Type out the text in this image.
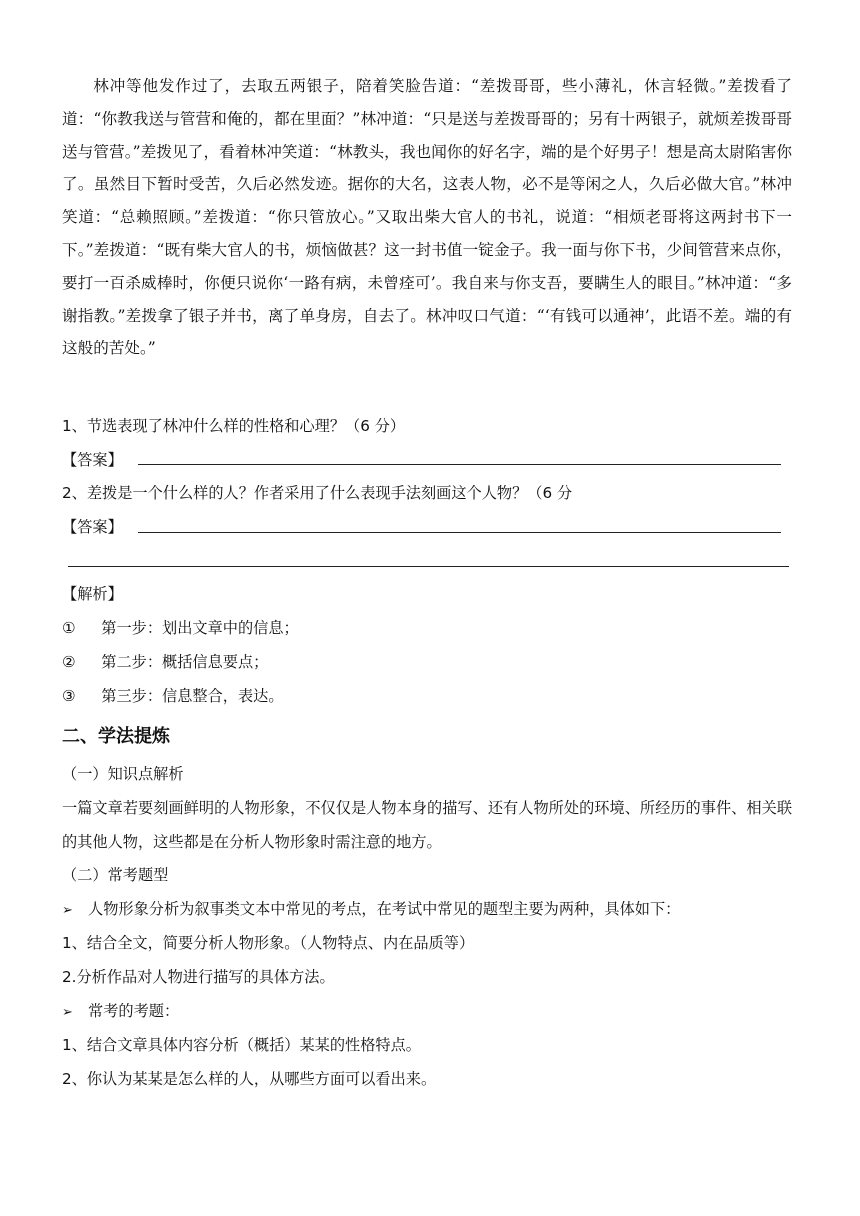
林冲等他发作过了，去取五两银子，陪着笑脸告道：“差拨哥哥，些小薄礼，休言轻微。”差拨看了道：“你教我送与管营和俺的，都在里面？”林冲道：“只是送与差拨哥哥的；另有十两银子，就烦差拨哥哥送与管营。”差拨见了，看着林冲笑道：“林教头，我也闻你的好名字，端的是个好男子！想是高太尉陷害你了。虽然目下暂时受苦，久后必然发迹。据你的大名，这表人物，必不是等闲之人，久后必做大官。”林冲笑道：“总赖照顾。”差拨道：“你只管放心。”又取出柴大官人的书礼，说道：“相烦老哥将这两封书下一下。”差拨道：“既有柴大官人的书，烦恼做甚？这一封书值一锭金子。我一面与你下书，少间管营来点你，要打一百杀威棒时，你便只说你‘一路有病，未曾痊可’。我自来与你支吾，要瞒生人的眼目。”林冲道：“多谢指教。”差拨拿了银子并书，离了单身房，自去了。林冲叹口气道：“‘有钱可以通神’，此语不差。端的有这般的苦处。”

1、节选表现了林冲什么样的性格和心理？（6 分）
【答案】
2、差拨是一个什么样的人？作者采用了什么表现手法刻画这个人物？（6 分
【答案】
【解析】
① 第一步：划出文章中的信息；
② 第二步：概括信息要点；
③ 第三步：信息整合，表达。
二、学法提炼
（一）知识点解析

一篇文章若要刻画鲜明的人物形象，不仅仅是人物本身的描写、还有人物所处的环境、所经历的事件、相关联的其他人物，这些都是在分析人物形象时需注意的地方。

（二）常考题型
➢ 人物形象分析为叙事类文本中常见的考点，在考试中常见的题型主要为两种，具体如下：
1、结合全文，简要分析人物形象。（人物特点、内在品质等）
2.分析作品对人物进行描写的具体方法。
➢ 常考的考题：
1、结合文章具体内容分析（概括）某某的性格特点。
2、你认为某某是怎么样的人，从哪些方面可以看出来。
